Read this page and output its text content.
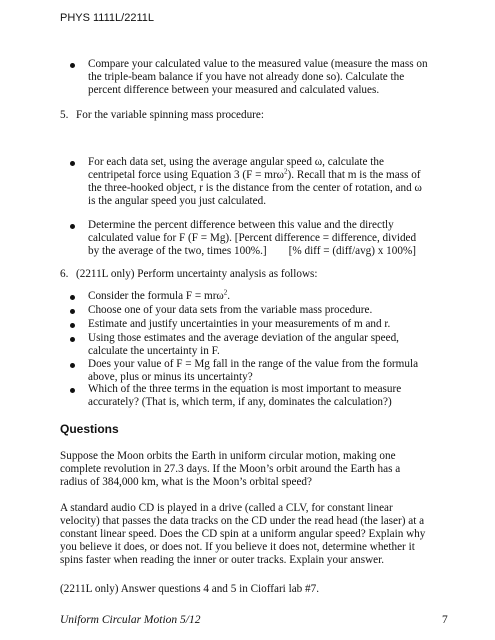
PHYS 1111L/2211L
Compare your calculated value to the measured value (measure the mass on
the triple-beam balance if you have not already done so). Calculate the
percent difference between your measured and calculated values.
5. For the variable spinning mass procedure:
For each data set, using the average angular speed ω, calculate the
centripetal force using Equation 3 (F = mrω$^2$). Recall that m is the mass of
the three-hooked object, r is the distance from the center of rotation, and ω
is the angular speed you just calculated.
Determine the percent difference between this value and the directly
calculated value for F (F = Mg). [Percent difference = difference, divided
by the average of the two, times 100%.] [% diff = (diff/avg) x 100%]
6. (2211L only) Perform uncertainty analysis as follows:
Consider the formula F = mrω$^2$.
Choose one of your data sets from the variable mass procedure.
Estimate and justify uncertainties in your measurements of m and r.
Using those estimates and the average deviation of the angular speed,
calculate the uncertainty in F.
Does your value of F = Mg fall in the range of the value from the formula
above, plus or minus its uncertainty?
Which of the three terms in the equation is most important to measure
accurately? (That is, which term, if any, dominates the calculation?)
Questions
Suppose the Moon orbits the Earth in uniform circular motion, making one
complete revolution in 27.3 days. If the Moon’s orbit around the Earth has a
radius of 384,000 km, what is the Moon’s orbital speed?
A standard audio CD is played in a drive (called a CLV, for constant linear
velocity) that passes the data tracks on the CD under the read head (the laser) at a
constant linear speed. Does the CD spin at a uniform angular speed? Explain why
you believe it does, or does not. If you believe it does not, determine whether it
spins faster when reading the inner or outer tracks. Explain your answer.
(2211L only) Answer questions 4 and 5 in Cioffari lab #7.
Uniform Circular Motion 5/12	7
